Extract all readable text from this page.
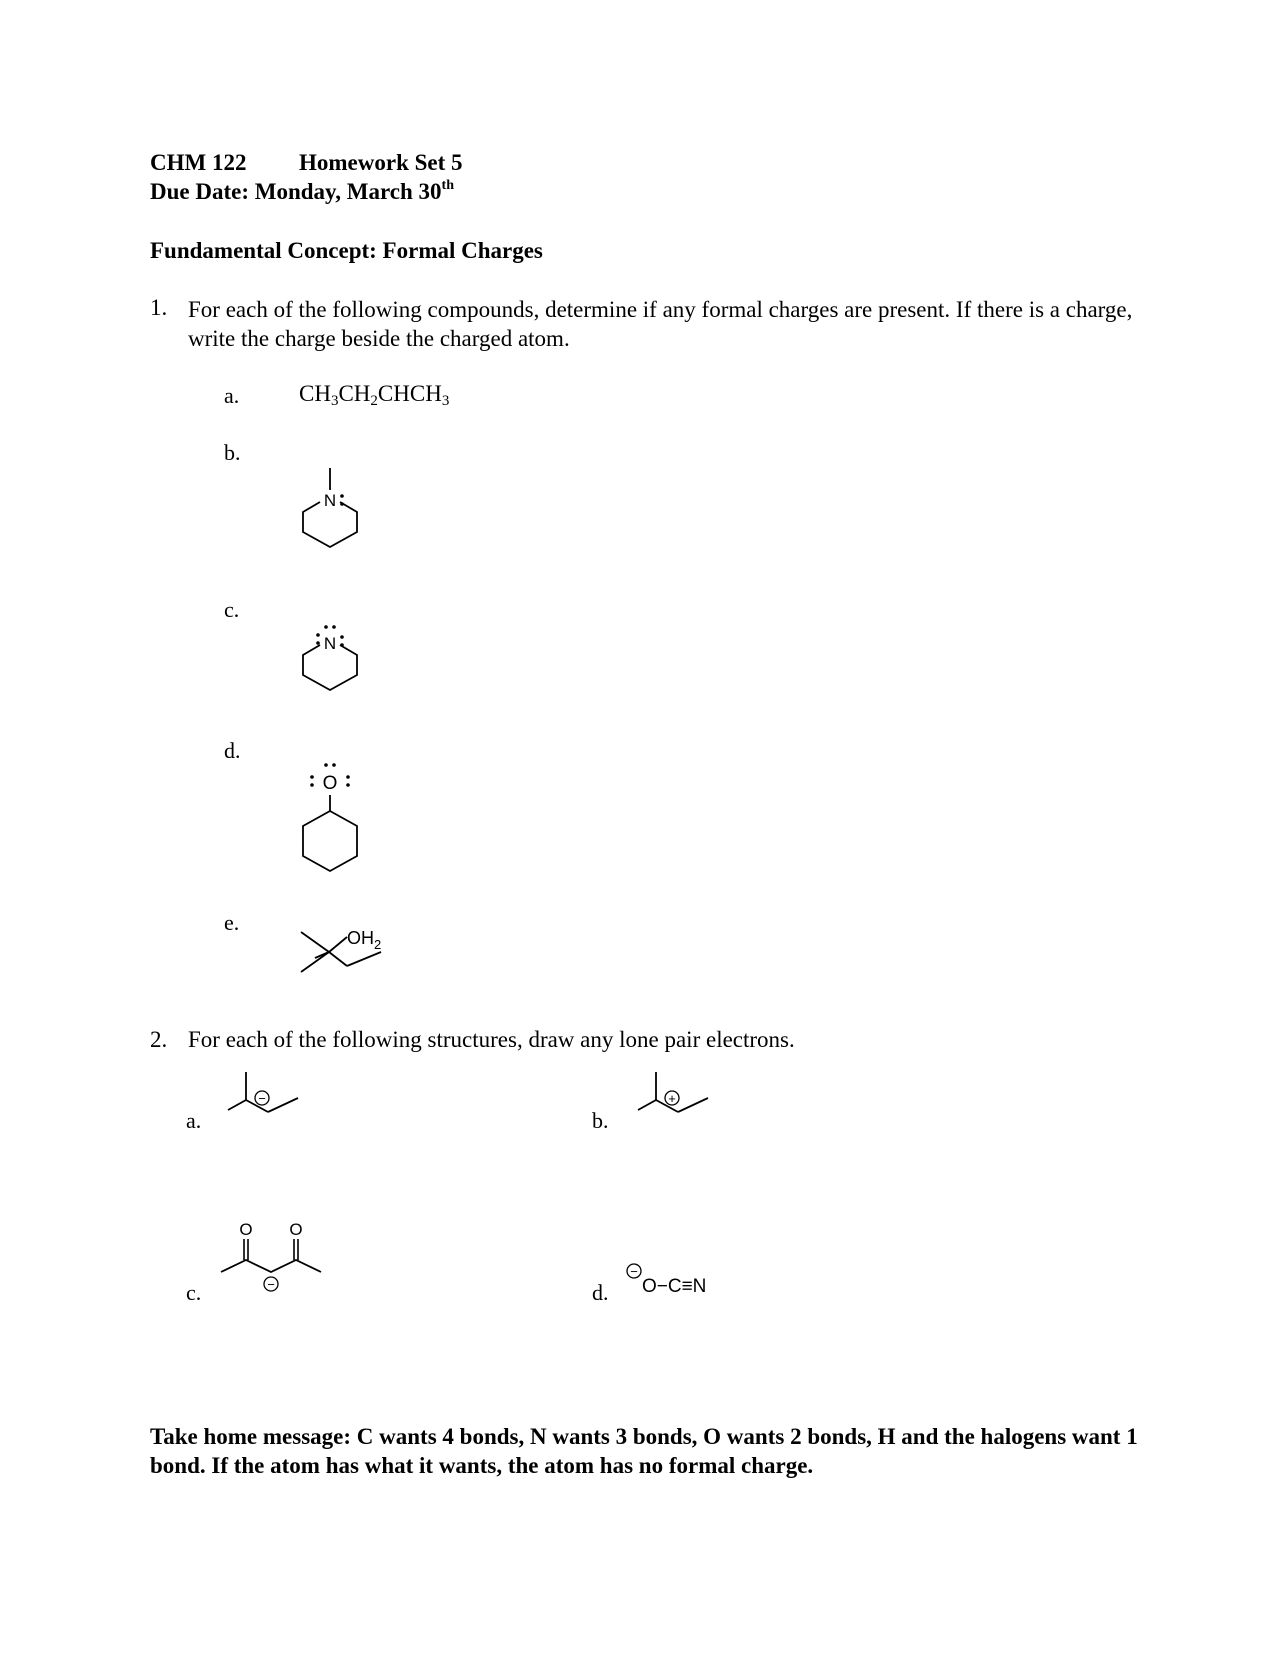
CHM 122 Homework Set 5
Due Date: Monday, March 30th
Fundamental Concept: Formal Charges
1. For each of the following compounds, determine if any formal charges are present. If there is a charge, write the charge beside the charged atom.
a.	$CH_3CH_2CHCH_3$
b.
N
c.
N
d.
O
e.
$OH_2$
2. For each of the following structures, draw any lone pair electrons.
a.
−
b.
+
c.
O O
−	d.
−
O−C≡N
Take home message: C wants 4 bonds, N wants 3 bonds, O wants 2 bonds, H and the halogens want 1 bond. If the atom has what it wants, the atom has no formal charge.
